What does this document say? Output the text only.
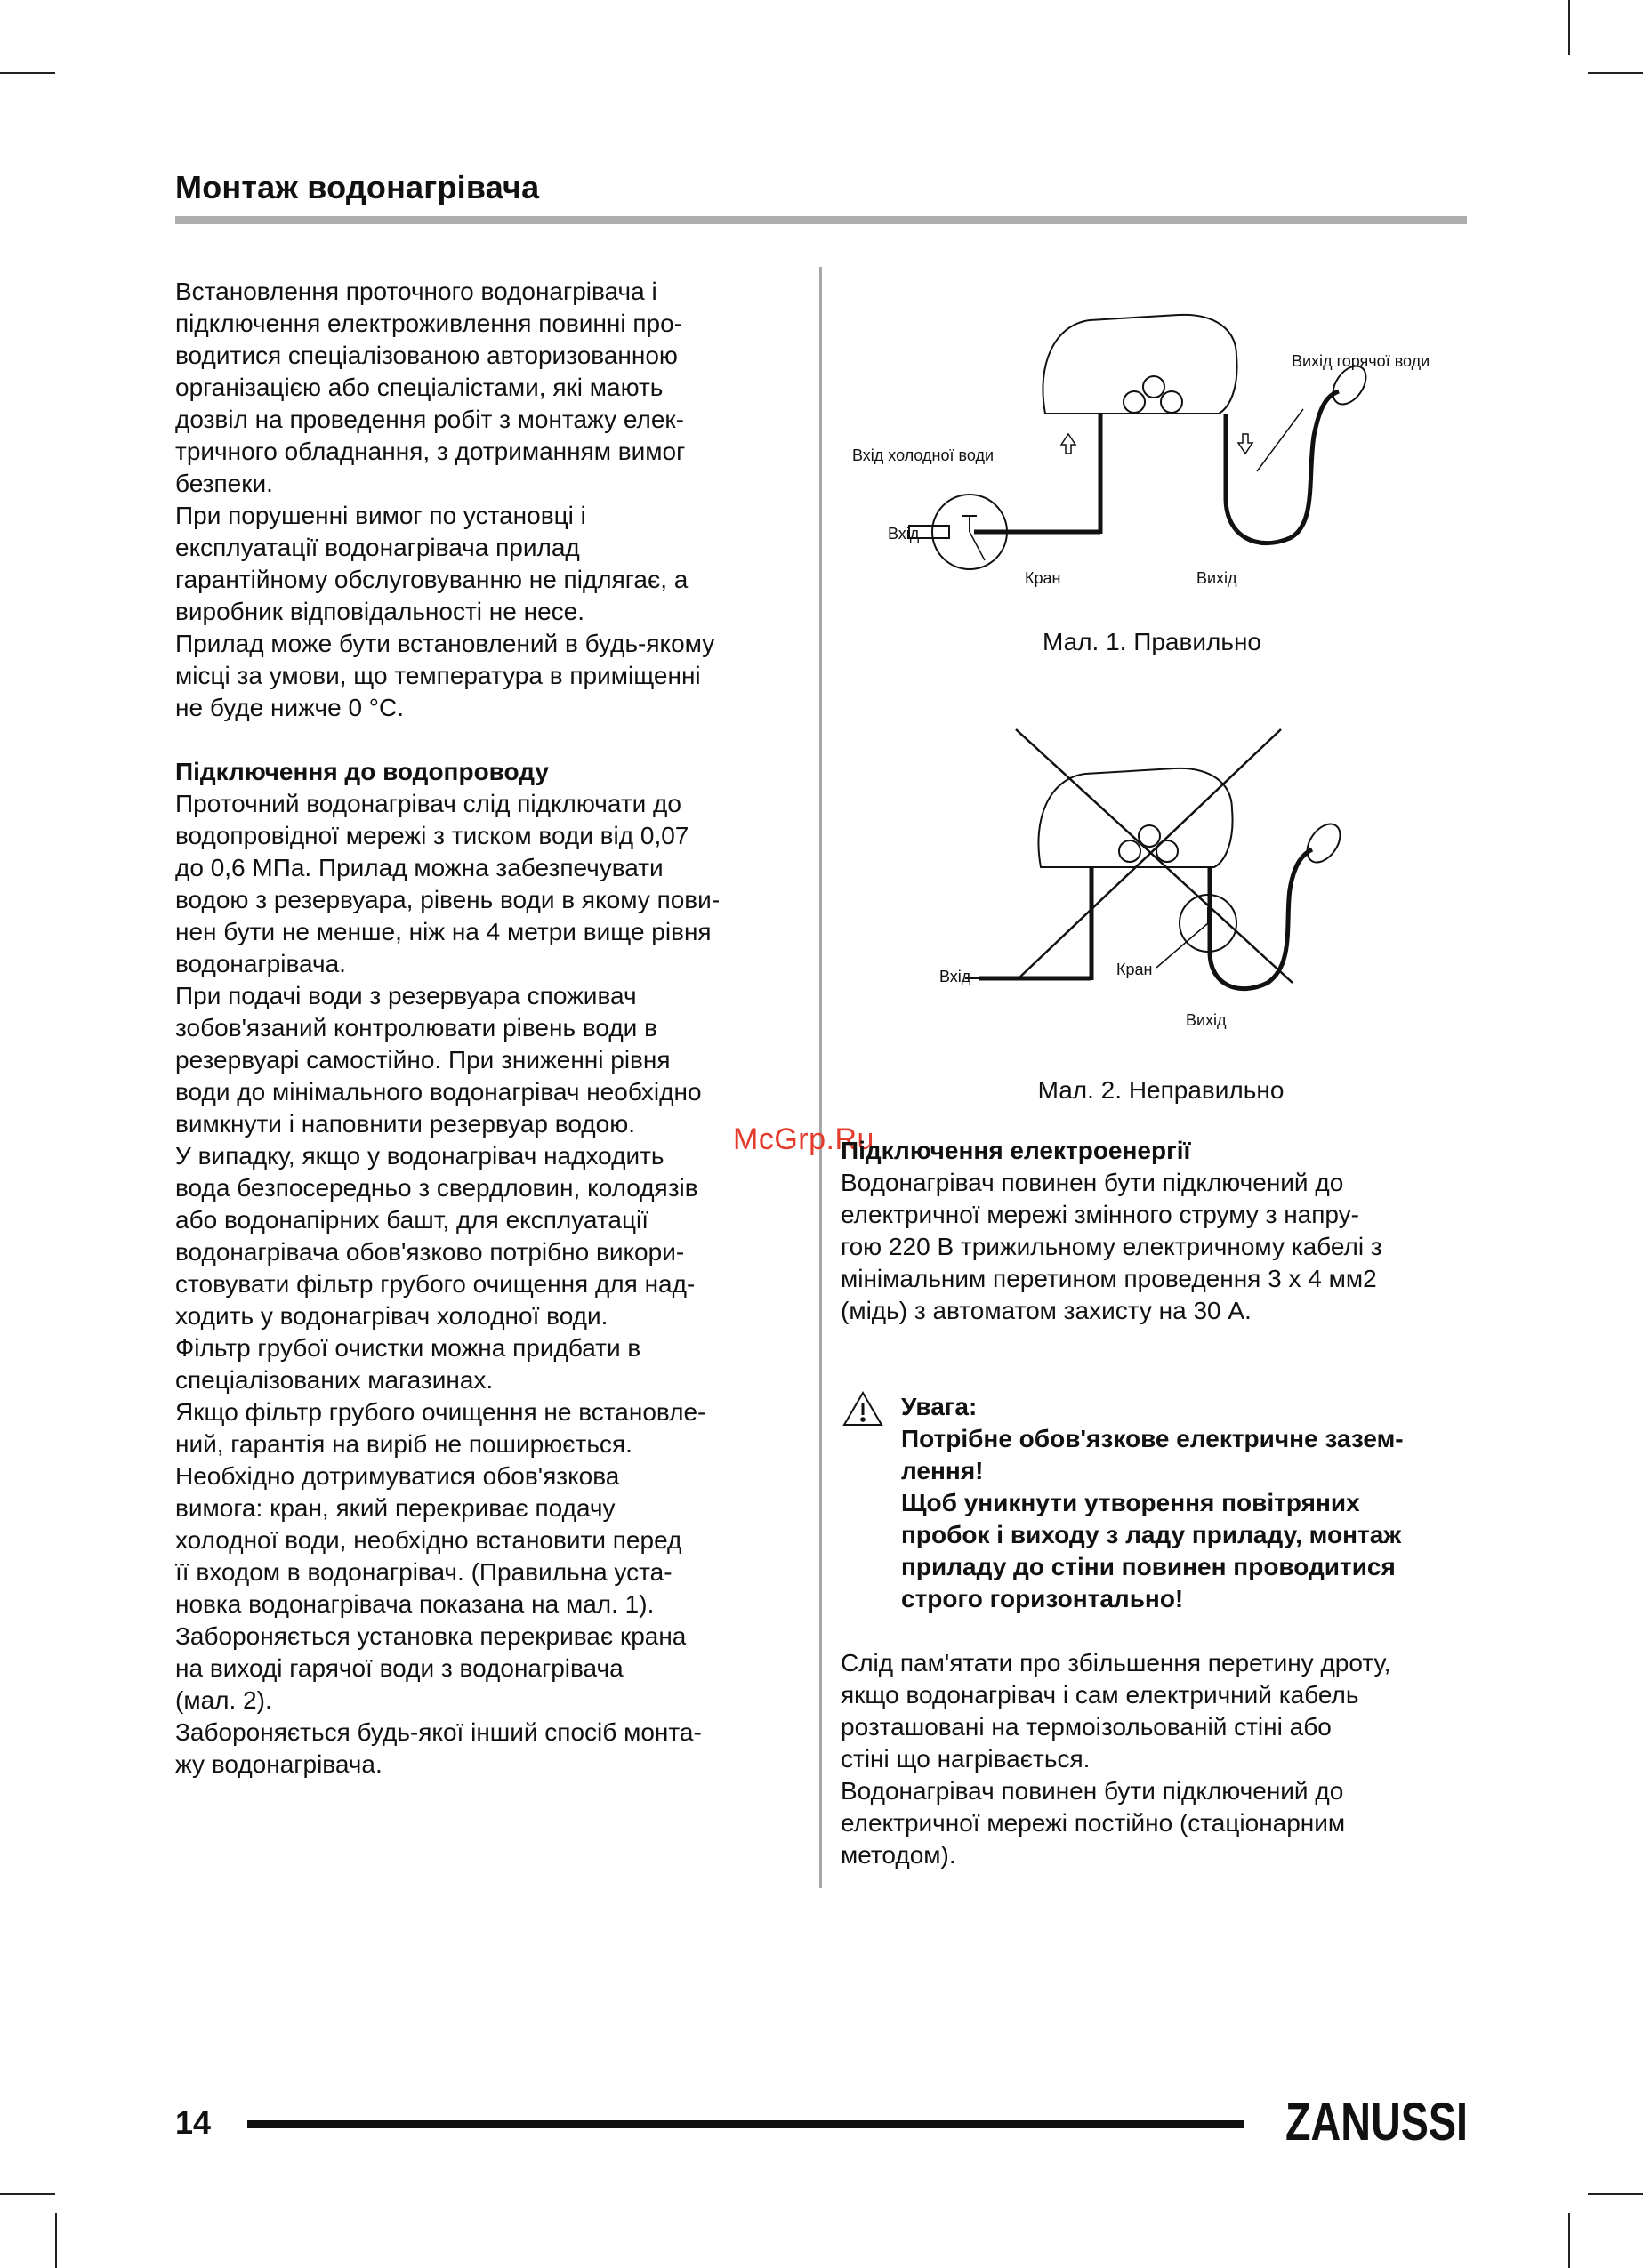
Монтаж водонагрівача

Встановлення проточного водонагрівача і

підключення електроживлення повинні про-

водитися спеціалізованою авторизованною

організацією або спеціалістами, які мають

дозвіл на проведення робіт з монтажу елек-

тричного обладнання, з дотриманням вимог

безпеки.

При порушенні вимог по установці і

експлуатації водонагрівача прилад

гарантійному обслуговуванню не підлягає, а

виробник відповідальності не несе.

Прилад може бути встановлений в будь-якому

місці за умови, що температура в приміщенні

не буде нижче 0 °С.

Підключення до водопроводу

Проточний водонагрівач слід підключати до

водопровідної мережі з тиском води від 0,07

до 0,6 МПа. Прилад можна забезпечувати

водою з резервуара, рівень води в якому пови-

нен бути не менше, ніж на 4 метри вище рівня

водонагрівача.

При подачі води з резервуара споживач

зобов'язаний контролювати рівень води в

резервуарі самостійно. При зниженні рівня

води до мінімального водонагрівач необхідно

вимкнути і наповнити резервуар водою.

У випадку, якщо у водонагрівач надходить

вода безпосередньо з свердловин, колодязів

або водонапірних башт, для експлуатації

водонагрівача обов'язково потрібно викори-

стовувати фільтр грубого очищення для над-

ходить у водонагрівач холодної води.

Фільтр грубої очистки можна придбати в

спеціалізованих магазинах.

Якщо фільтр грубого очищення не встановле-

ний, гарантія на виріб не поширюється.

Необхідно дотримуватися обов'язкова

вимога: кран, який перекриває подачу

холодної води, необхідно встановити перед

її входом в водонагрівач. (Правильна уста-

новка водонагрівача показана на мал. 1).

Забороняється установка перекриває крана

на виході гарячої води з водонагрівача

(мал. 2).

Забороняється будь-якої інший спосіб монта-

жу водонагрівача.

Вихід горячої води
Вхід холодної води
Вхід
Кран	Вихід
Мал. 1. Правильно
Вхід	Кран
Вихід
Мал. 2. Неправильно
McGrp.Ru

Підключення електроенергії

Водонагрівач повинен бути підключений до

електричної мережі змінного струму з напру-

гою 220 В трижильному електричному кабелі з

мінімальним перетином проведення 3 х 4 мм2

(мідь) з автоматом захисту на 30 А.

Увага:

Потрібне обов'язкове електричне зазем-

лення!

Щоб уникнути утворення повітряних

пробок і виходу з ладу приладу, монтаж

приладу до стіни повинен проводитися

строго горизонтально!

Слід пам'ятати про збільшення перетину дроту,

якщо водонагрівач і сам електричний кабель

розташовані на термоізольованій стіні або

стіні що нагрівається.

Водонагрівач повинен бути підключений до

електричної мережі постійно (стаціонарним

методом).

14	ZANUSSI
